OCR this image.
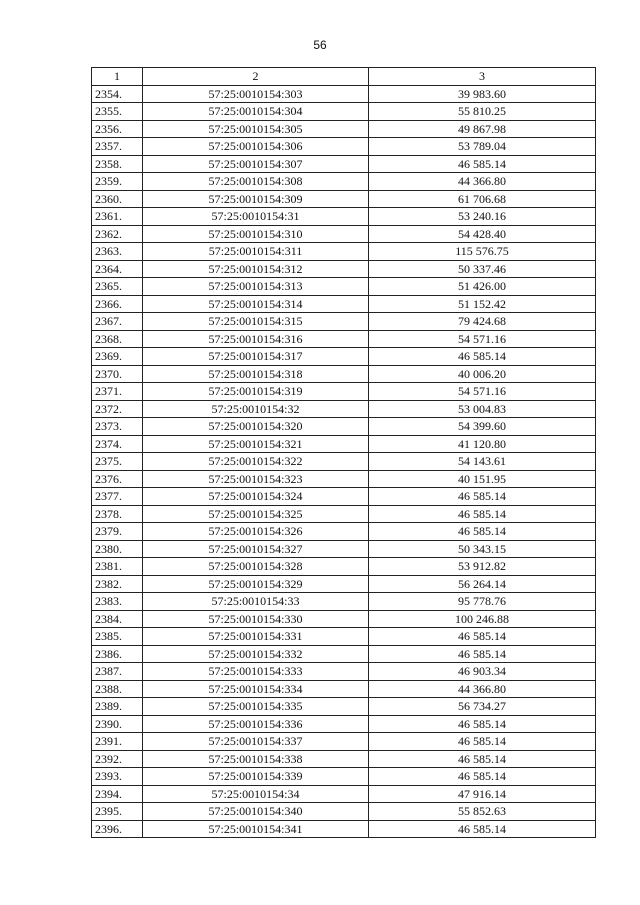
56
1	2	3
2354.	57:25:0010154:303	39 983.60
2355.	57:25:0010154:304	55 810.25
2356.	57:25:0010154:305	49 867.98
2357.	57:25:0010154:306	53 789.04
2358.	57:25:0010154:307	46 585.14
2359.	57:25:0010154:308	44 366.80
2360.	57:25:0010154:309	61 706.68
2361.	57:25:0010154:31	53 240.16
2362.	57:25:0010154:310	54 428.40
2363.	57:25:0010154:311	115 576.75
2364.	57:25:0010154:312	50 337.46
2365.	57:25:0010154:313	51 426.00
2366.	57:25:0010154:314	51 152.42
2367.	57:25:0010154:315	79 424.68
2368.	57:25:0010154:316	54 571.16
2369.	57:25:0010154:317	46 585.14
2370.	57:25:0010154:318	40 006.20
2371.	57:25:0010154:319	54 571.16
2372.	57:25:0010154:32	53 004.83
2373.	57:25:0010154:320	54 399.60
2374.	57:25:0010154:321	41 120.80
2375.	57:25:0010154:322	54 143.61
2376.	57:25:0010154:323	40 151.95
2377.	57:25:0010154:324	46 585.14
2378.	57:25:0010154:325	46 585.14
2379.	57:25:0010154:326	46 585.14
2380.	57:25:0010154:327	50 343.15
2381.	57:25:0010154:328	53 912.82
2382.	57:25:0010154:329	56 264.14
2383.	57:25:0010154:33	95 778.76
2384.	57:25:0010154:330	100 246.88
2385.	57:25:0010154:331	46 585.14
2386.	57:25:0010154:332	46 585.14
2387.	57:25:0010154:333	46 903.34
2388.	57:25:0010154:334	44 366.80
2389.	57:25:0010154:335	56 734.27
2390.	57:25:0010154:336	46 585.14
2391.	57:25:0010154:337	46 585.14
2392.	57:25:0010154:338	46 585.14
2393.	57:25:0010154:339	46 585.14
2394.	57:25:0010154:34	47 916.14
2395.	57:25:0010154:340	55 852.63
2396.	57:25:0010154:341	46 585.14
